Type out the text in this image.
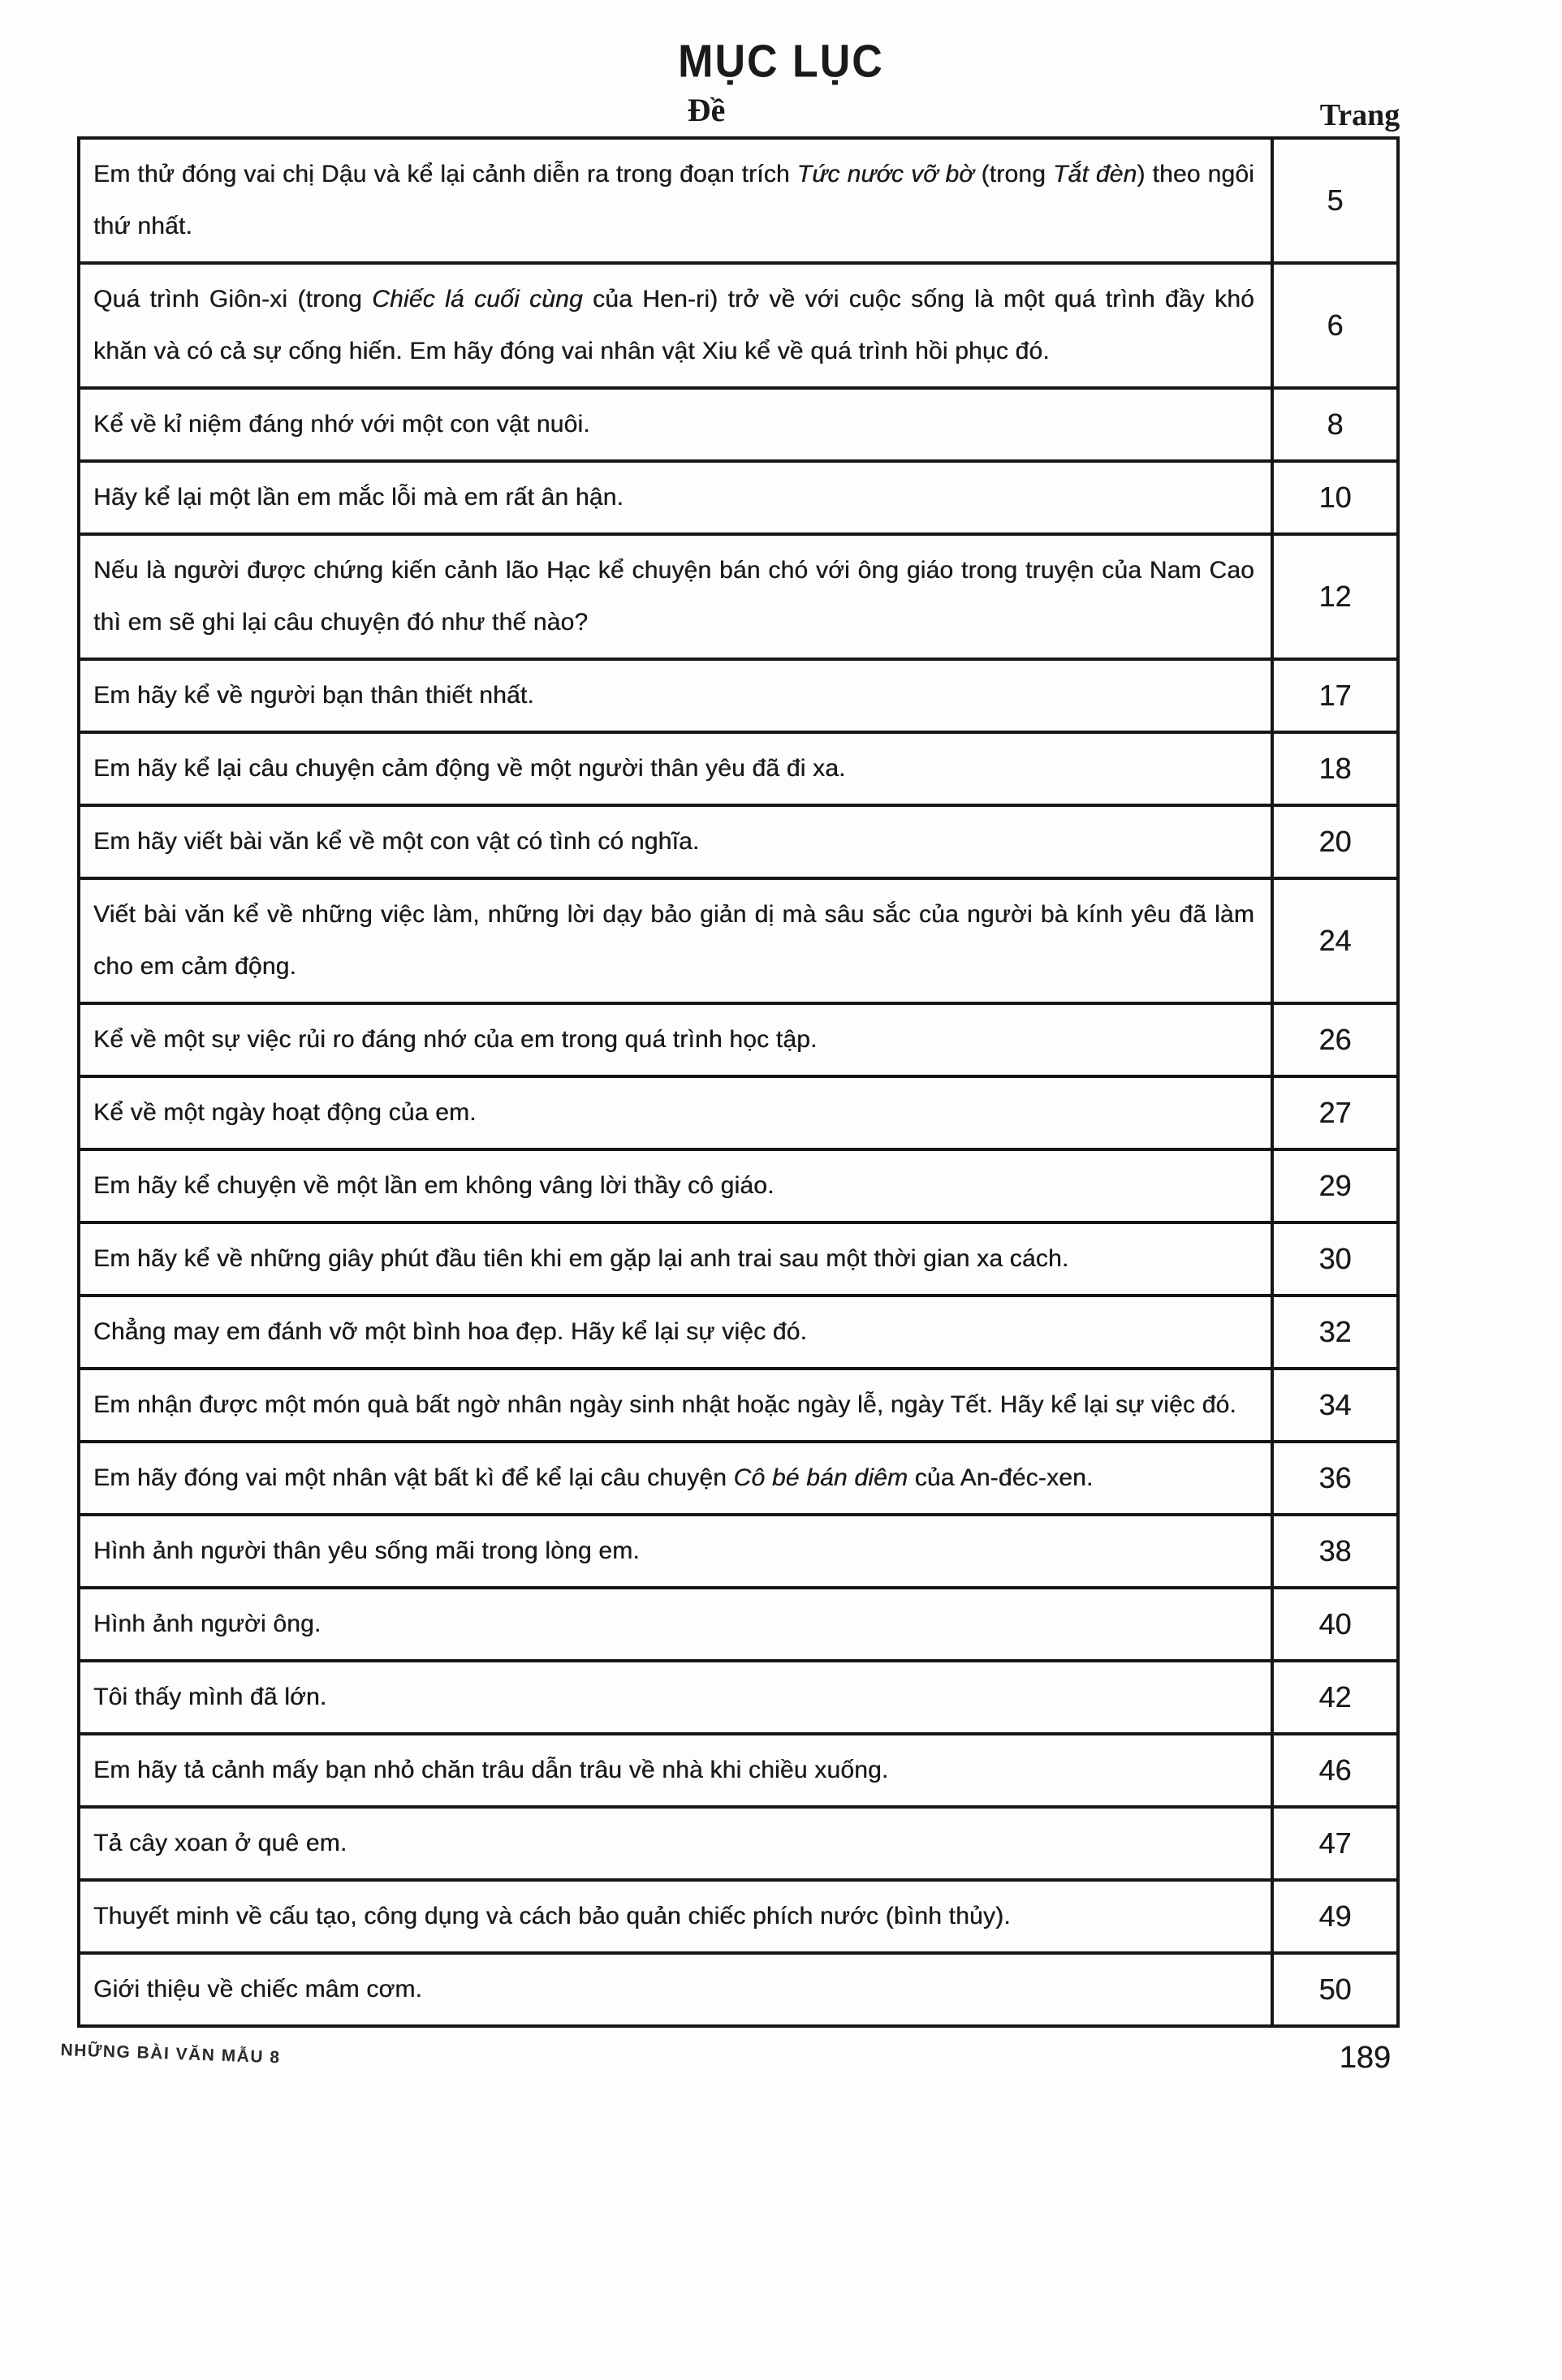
MỤC LỤC
Đề	Trang
Em thử đóng vai chị Dậu và kể lại cảnh diễn ra trong đoạn trích Tức nước vỡ bờ (trong Tắt đèn) theo ngôi thứ nhất.	5
Quá trình Giôn-xi (trong Chiếc lá cuối cùng của Hen-ri) trở về với cuộc sống là một quá trình đầy khó khăn và có cả sự cống hiến. Em hãy đóng vai nhân vật Xiu kể về quá trình hồi phục đó.	6
Kể về kỉ niệm đáng nhớ với một con vật nuôi.	8
Hãy kể lại một lần em mắc lỗi mà em rất ân hận.	10
Nếu là người được chứng kiến cảnh lão Hạc kể chuyện bán chó với ông giáo trong truyện của Nam Cao thì em sẽ ghi lại câu chuyện đó như thế nào?	12
Em hãy kể về người bạn thân thiết nhất.	17
Em hãy kể lại câu chuyện cảm động về một người thân yêu đã đi xa.	18
Em hãy viết bài văn kể về một con vật có tình có nghĩa.	20
Viết bài văn kể về những việc làm, những lời dạy bảo giản dị mà sâu sắc của người bà kính yêu đã làm cho em cảm động.	24
Kể về một sự việc rủi ro đáng nhớ của em trong quá trình học tập.	26
Kể về một ngày hoạt động của em.	27
Em hãy kể chuyện về một lần em không vâng lời thầy cô giáo.	29
Em hãy kể về những giây phút đầu tiên khi em gặp lại anh trai sau một thời gian xa cách.	30
Chẳng may em đánh vỡ một bình hoa đẹp. Hãy kể lại sự việc đó.	32
Em nhận được một món quà bất ngờ nhân ngày sinh nhật hoặc ngày lễ, ngày Tết. Hãy kể lại sự việc đó.	34
Em hãy đóng vai một nhân vật bất kì để kể lại câu chuyện Cô bé bán diêm của An-đéc-xen.	36
Hình ảnh người thân yêu sống mãi trong lòng em.	38
Hình ảnh người ông.	40
Tôi thấy mình đã lớn.	42
Em hãy tả cảnh mấy bạn nhỏ chăn trâu dẫn trâu về nhà khi chiều xuống.	46
Tả cây xoan ở quê em.	47
Thuyết minh về cấu tạo, công dụng và cách bảo quản chiếc phích nước (bình thủy).	49
Giới thiệu về chiếc mâm cơm.	50
NHỮNG BÀI VĂN MẪU 8	189
